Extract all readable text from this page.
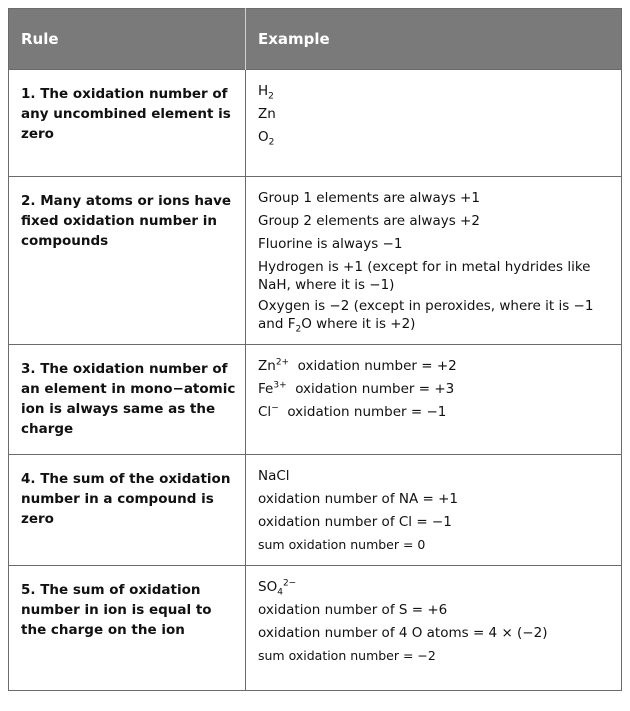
Rule	Example
1. The oxidation number of any uncombined element is zero	$H_2$
Zn
$O_2$

2. Many atoms or ions have fixed oxidation number in compounds	Group 1 elements are always +1
Group 2 elements are always +2
Fluorine is always −1
Hydrogen is +1 (except for in metal hydrides like NaH, where it is −1)
Oxygen is −2 (except in peroxides, where it is −1 and $F_2O$ where it is +2)

3. The oxidation number of an element in mono−atomic ion is always same as the charge	$Zn^{2+}$  oxidation number = +2
$Fe^{3+}$  oxidation number = +3
Cl−  oxidation number = −1

4. The sum of the oxidation number in a compound is zero	NaCl
oxidation number of NA = +1
oxidation number of Cl = −1
sum oxidation number = 0

5. The sum of oxidation number in ion is equal to the charge on the ion	$SO_4^{2-}$
oxidation number of S = +6
oxidation number of 4 O atoms = 4 × (−2)
sum oxidation number = −2
